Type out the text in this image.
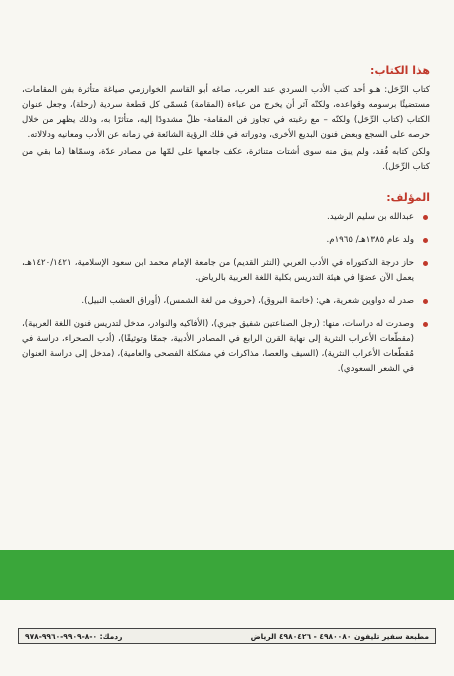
هذا الكتاب:

كتاب الرِّحَل: هـو أحد كتب الأدب السردي عند العرب، صاغه أبو القاسم الخوارزمي صياغة متأثرة بفن المقامات، مستضيئًا برسومه وقواعده، ولكنّه آثر أن يخرج من عباءة (المقامة) مُسمّى كل قطعة سردية (رحلة)، وجعل عنوان الكتاب (كتاب الرِّحَل) ولكنّه – مع رغبته في تجاوز فن المقامة- ظلّ مشدودًا إليه، متأثرًا به، وذلك يظهر من خلال حرصه على السجع وبعض فنون البديع الأخرى، ودوراته في فلك الرؤية الشائعة في زمانه عن الأدب ومعانيه ودلالاته.

ولكن كتابه فُقد، ولم يبق منه سوى أشتات متناثرة، عكف جامعها على لمّها من مصادر عدّة، وسمّاها (ما بقي من كتاب الرِّحَل).

المؤلف:
عبدالله بن سليم الرشيد.
ولد عام ١٣٨٥هـ/ ١٩٦٥م.
حاز درجة الدكتوراه في الأدب العربي (النثر القديم) من جامعة الإمام محمد ابن سعود الإسلامية، ١٤٢٠/١٤٢١هـ، يعمل الآن عضوًا في هيئة التدريس بكلية اللغة العربية بالرياض.
صدر له دواوين شعرية، هي: (خاتمة البروق)، (حروف من لغة الشمس)، (أوراق العشب النبيل).
وصدرت له دراسات، منها: (رجل الصناعتين شفيق جبري)، (الأفاكيه والنوادر، مدخل لتدريس فنون اللغة العربية)، (مقطّعات الأعراب النثرية إلى نهاية القرن الرابع في المصادر الأدبية، جمعًا وتوثيقًا)، (أدب الصحراء، دراسة في مُقطّعات الأعراب النثرية)، (السيف والعصا، مذاكرات في مشكلة الفصحى والعامية)، (مدخل إلى دراسة العنوان في الشعر السعودي).
مطبعة سفير تليفون ٤٩٨٠٠٨٠ - ٤٩٨٠٤٢٦ الرياض
ردمك: ٠-٨-٩٩٠٩-٩٩٦٠-٩٧٨
